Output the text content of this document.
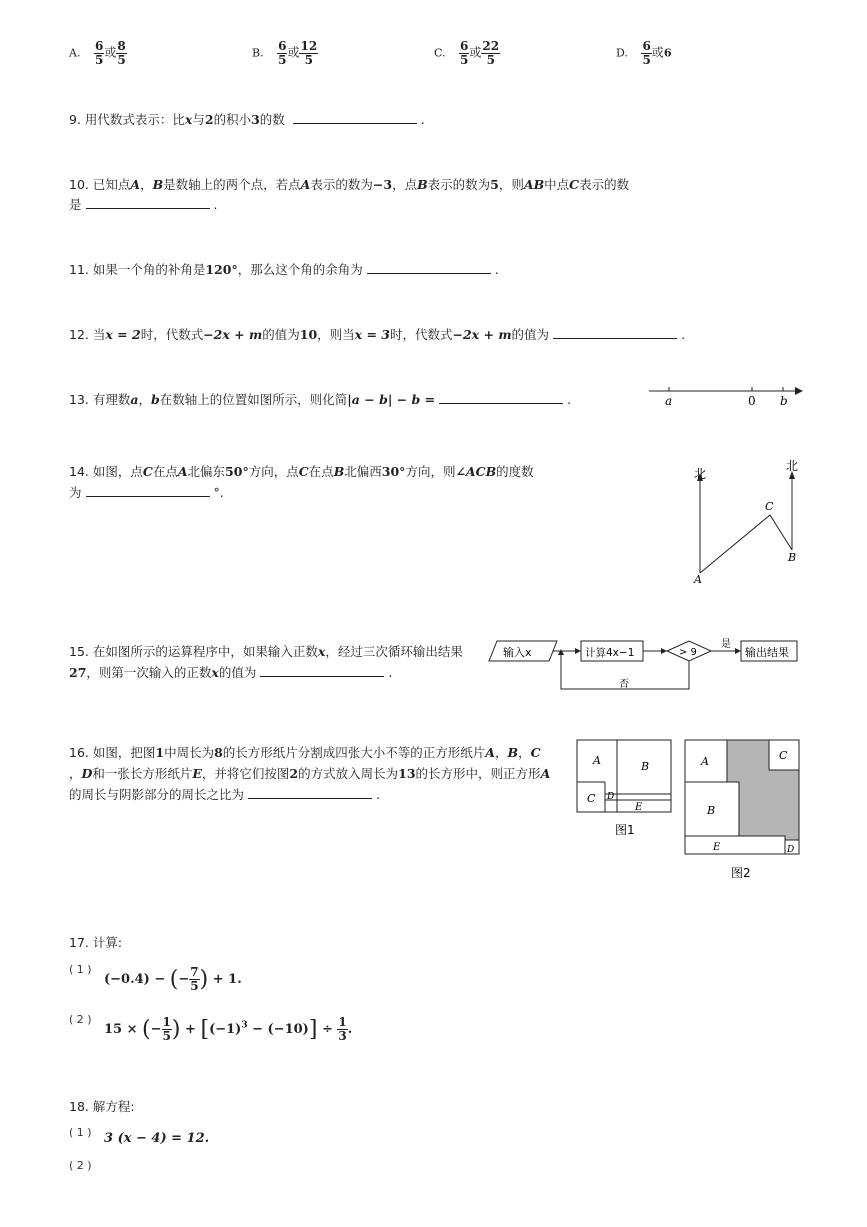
A. $\frac{6}{5}$ 或 $\frac{8}{5}$	B. $\frac{6}{5}$ 或 $\frac{12}{5}$	C. $\frac{6}{5}$ 或 $\frac{22}{5}$	D. $\frac{6}{5}$ 或6
9. 用代数式表示：比x与2的积小3的数	.
10. 已知点A，B是数轴上的两个点，若点A表示的数为−3，点B表示的数为5，则AB中点C表示的数
是	.
11. 如果一个角的补角是120°，那么这个角的余角为	.
12. 当x = 2时，代数式−2x + m的值为10，则当x = 3时，代数式−2x + m的值为	.
13. 有理数a，b在数轴上的位置如图所示，则化简|a − b| − b =	.	a	0 b
14. 如图，点C在点A北偏东50°方向，点C在点B北偏西30°方向，则∠ACB的度数
为	°.
北
北
A
B
C
15. 在如图所示的运算程序中，如果输入正数x，经过三次循环输出结果
27，则第一次输入的正数x的值为	.
输入x	计算4x−1	> 9
是
输出结果
否
16. 如图，把图1中周长为8的长方形纸片分割成四张大小不等的正方形纸片A，B，C
，D和一张长方形纸片E，并将它们按图2的方式放入周长为13的长方形中，则正方形A
的周长与阴影部分的周长之比为	.
A	B
C D
E
图1
A
B
C
D
E
图2
17. 计算:
( 1 )
(−0.4) − (− $\frac{7}{5}$ ) + 1.
( 2 )
15 × (− $\frac{1}{5}$ ) + $[(-1)^3 - (-10)] \div \frac{1}{3}$ .
18. 解方程:
( 1 ) 3 (x − 4) = 12.
( 2 )
